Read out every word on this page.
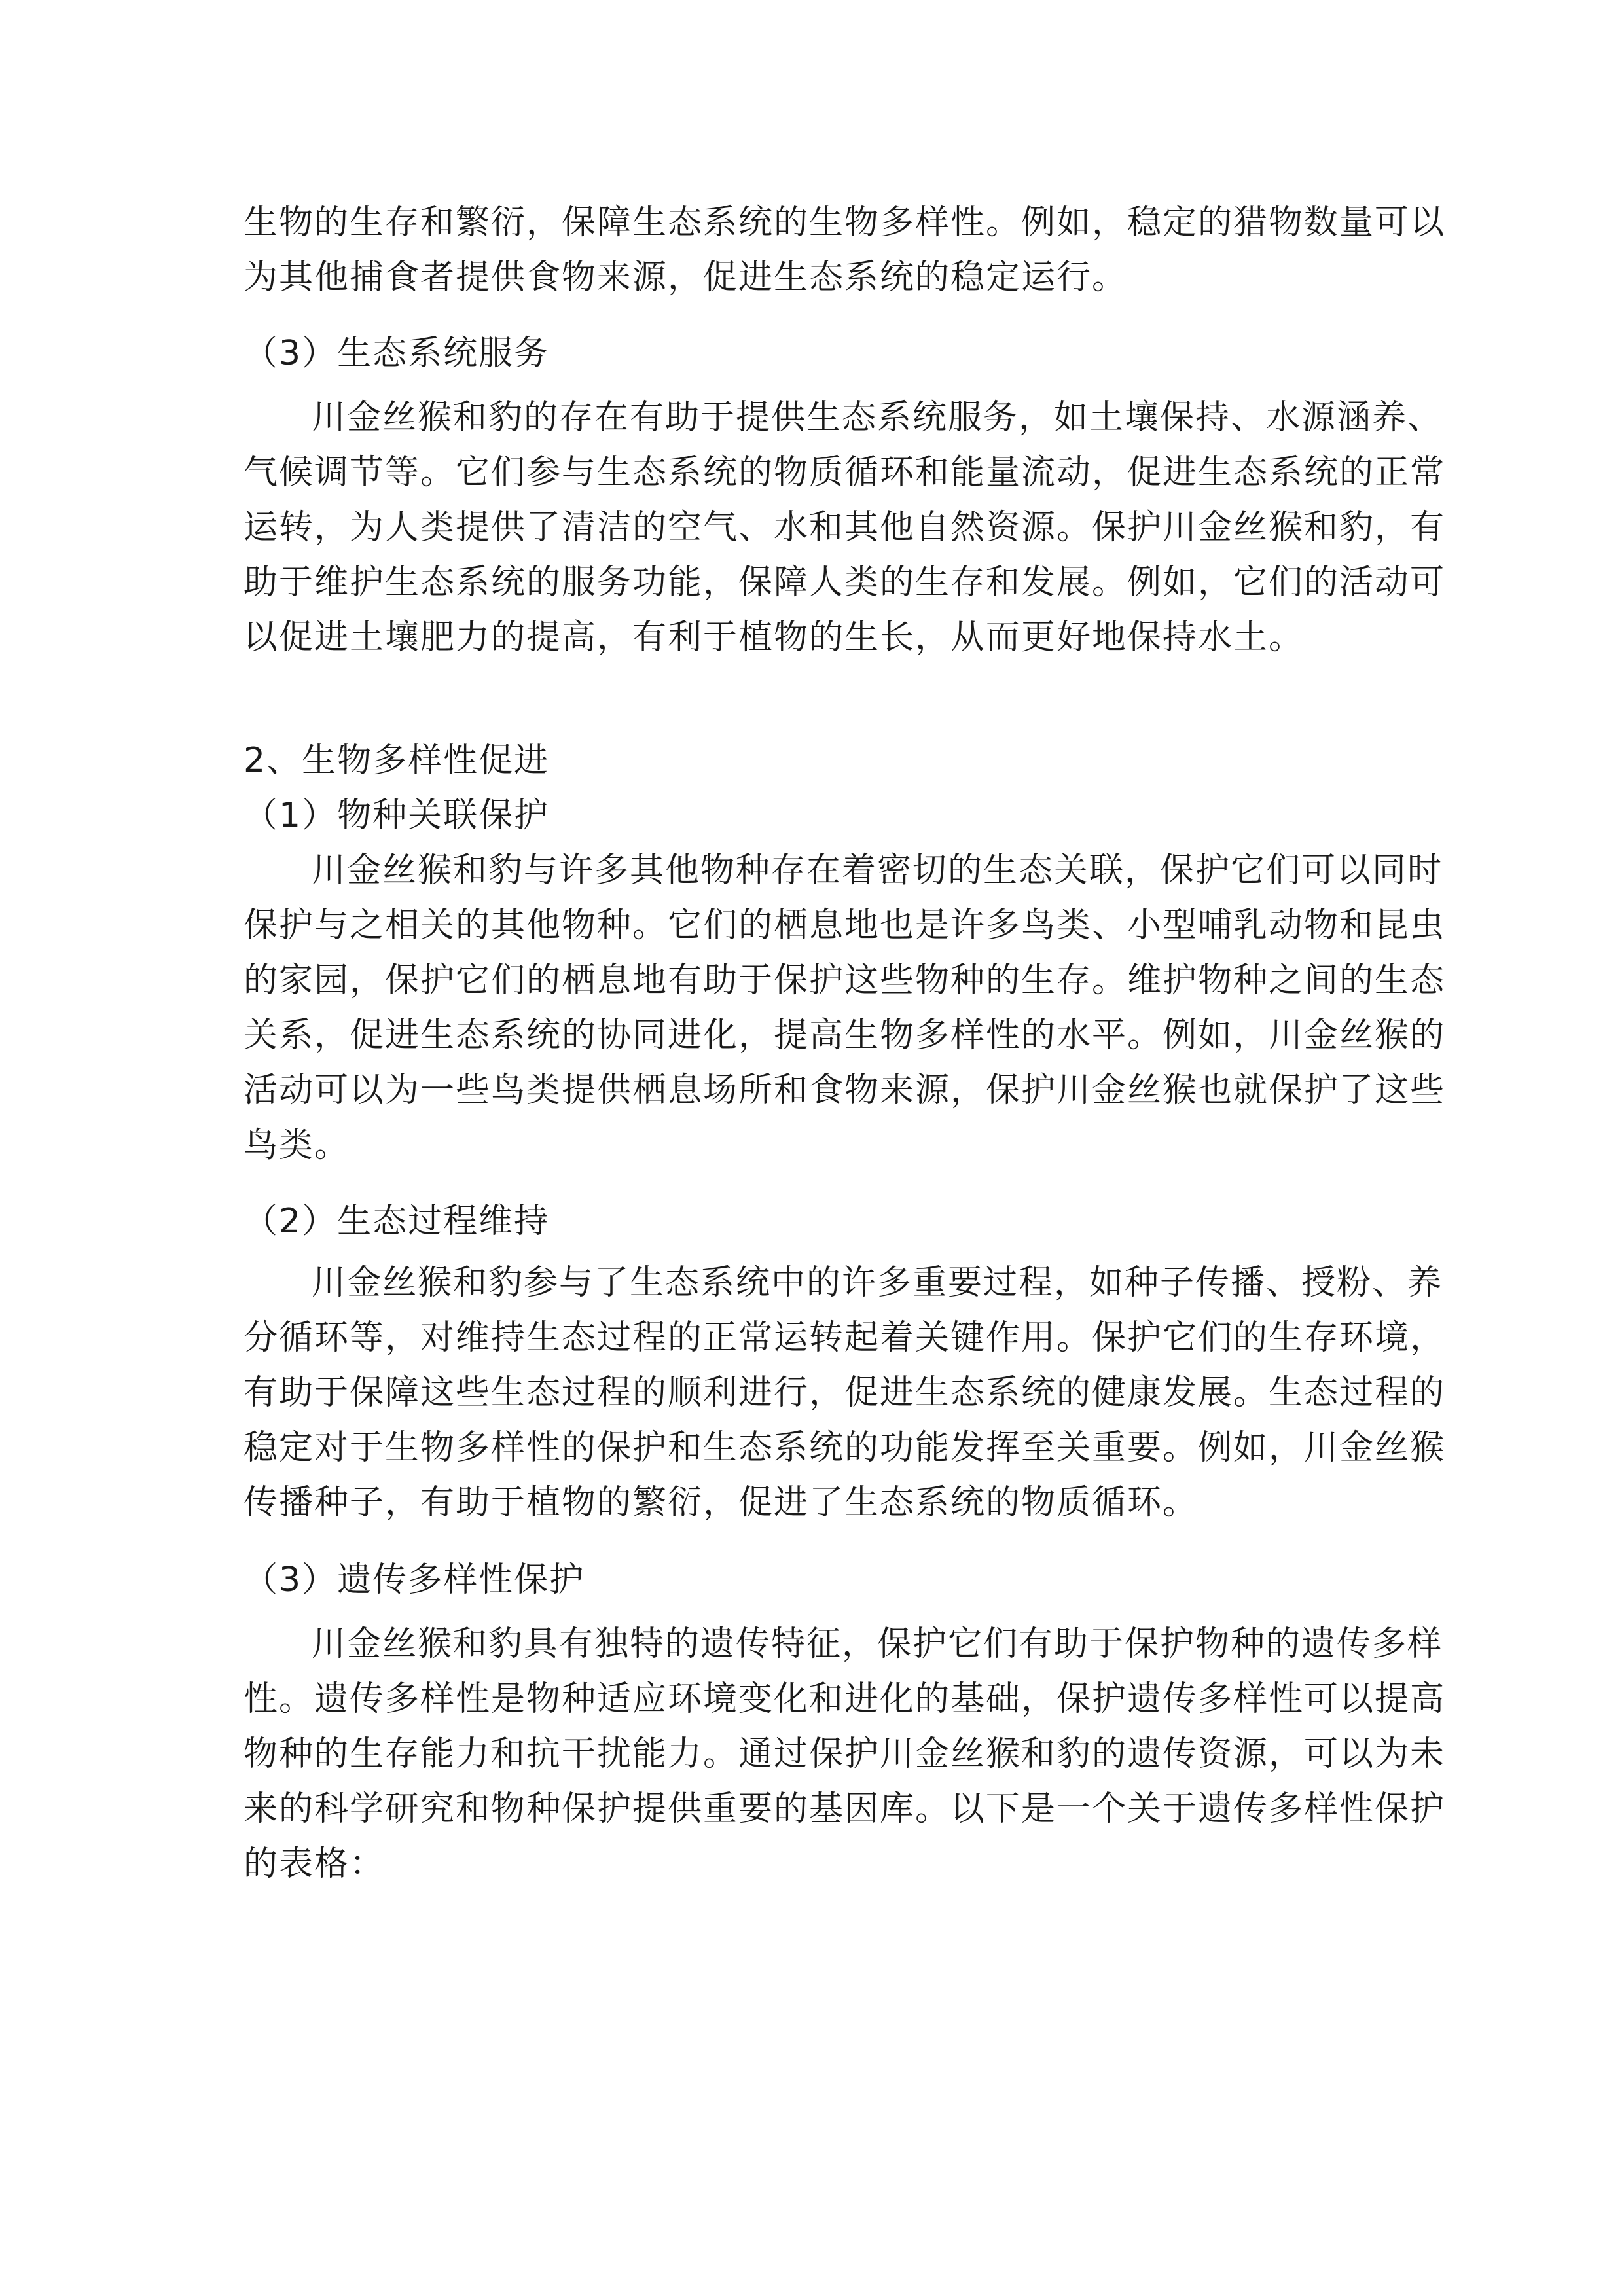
生物的生存和繁衍，保障生态系统的生物多样性。例如，稳定的猎物数量可以
为其他捕食者提供食物来源，促进生态系统的稳定运行。
（3）生态系统服务
川金丝猴和豹的存在有助于提供生态系统服务，如土壤保持、水源涵养、
气候调节等。它们参与生态系统的物质循环和能量流动，促进生态系统的正常
运转，为人类提供了清洁的空气、水和其他自然资源。保护川金丝猴和豹，有
助于维护生态系统的服务功能，保障人类的生存和发展。例如，它们的活动可
以促进土壤肥力的提高，有利于植物的生长，从而更好地保持水土。
2、生物多样性促进
（1）物种关联保护
川金丝猴和豹与许多其他物种存在着密切的生态关联，保护它们可以同时
保护与之相关的其他物种。它们的栖息地也是许多鸟类、小型哺乳动物和昆虫
的家园，保护它们的栖息地有助于保护这些物种的生存。维护物种之间的生态
关系，促进生态系统的协同进化，提高生物多样性的水平。例如，川金丝猴的
活动可以为一些鸟类提供栖息场所和食物来源，保护川金丝猴也就保护了这些
鸟类。
（2）生态过程维持
川金丝猴和豹参与了生态系统中的许多重要过程，如种子传播、授粉、养
分循环等，对维持生态过程的正常运转起着关键作用。保护它们的生存环境，
有助于保障这些生态过程的顺利进行，促进生态系统的健康发展。生态过程的
稳定对于生物多样性的保护和生态系统的功能发挥至关重要。例如，川金丝猴
传播种子，有助于植物的繁衍，促进了生态系统的物质循环。
（3）遗传多样性保护
川金丝猴和豹具有独特的遗传特征，保护它们有助于保护物种的遗传多样
性。遗传多样性是物种适应环境变化和进化的基础，保护遗传多样性可以提高
物种的生存能力和抗干扰能力。通过保护川金丝猴和豹的遗传资源，可以为未
来的科学研究和物种保护提供重要的基因库。以下是一个关于遗传多样性保护
的表格：
